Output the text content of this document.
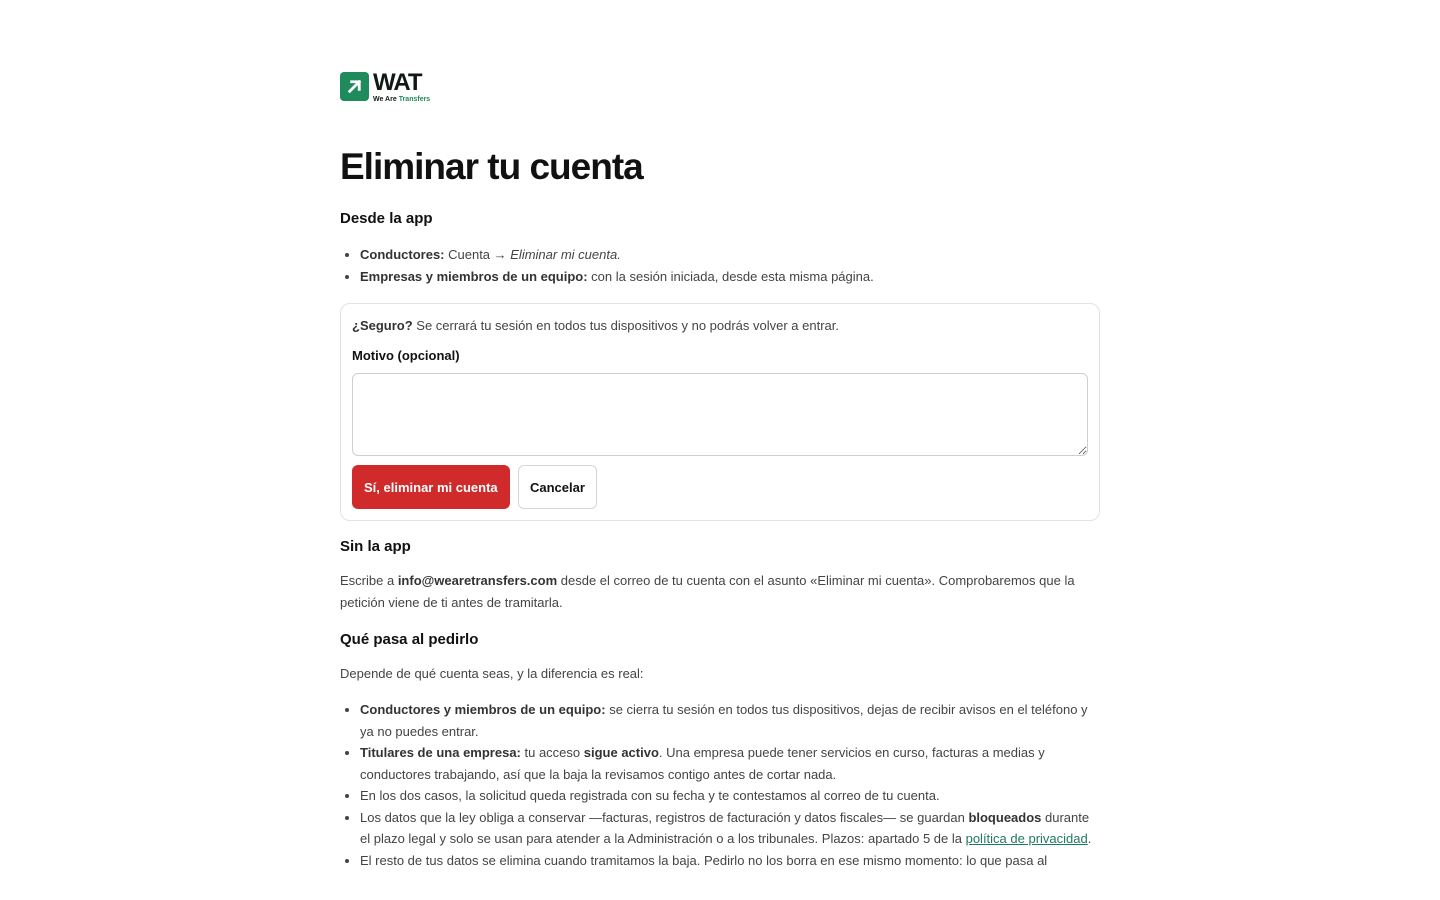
WAT
We Are Transfers
Eliminar tu cuenta
Desde la app
• Conductores: Cuenta → Eliminar mi cuenta.
• Empresas y miembros de un equipo: con la sesión iniciada, desde esta misma página.
¿Seguro? Se cerrará tu sesión en todos tus dispositivos y no podrás volver a entrar.
Motivo (opcional)
Sí, eliminar mi cuenta	Cancelar
Sin la app

Escribe a info@wearetransfers.com desde el correo de tu cuenta con el asunto «Eliminar mi cuenta». Comprobaremos que la petición viene de ti antes de tramitarla.

Qué pasa al pedirlo

Depende de qué cuenta seas, y la diferencia es real:

• Conductores y miembros de un equipo: se cierra tu sesión en todos tus dispositivos, dejas de recibir avisos en el teléfono y ya no puedes entrar.
• Titulares de una empresa: tu acceso sigue activo. Una empresa puede tener servicios en curso, facturas a medias y conductores trabajando, así que la baja la revisamos contigo antes de cortar nada.
• En los dos casos, la solicitud queda registrada con su fecha y te contestamos al correo de tu cuenta.
• Los datos que la ley obliga a conservar —facturas, registros de facturación y datos fiscales— se guardan bloqueados durante el plazo legal y solo se usan para atender a la Administración o a los tribunales. Plazos: apartado 5 de la política de privacidad.
• El resto de tus datos se elimina cuando tramitamos la baja. Pedirlo no los borra en ese mismo momento: lo que pasa al
